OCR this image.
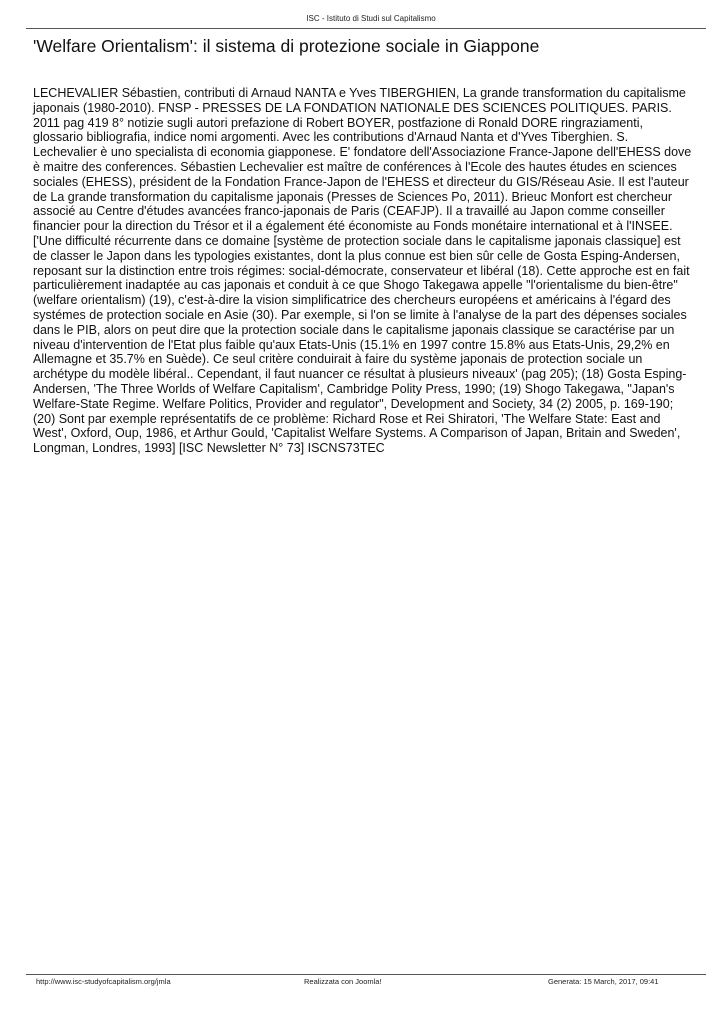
ISC - Istituto di Studi sul Capitalismo
'Welfare Orientalism': il sistema di protezione sociale in Giappone

LECHEVALIER Sébastien, contributi di Arnaud NANTA e Yves TIBERGHIEN, La grande transformation du capitalisme japonais (1980-2010). FNSP - PRESSES DE LA FONDATION NATIONALE DES SCIENCES POLITIQUES. PARIS. 2011 pag 419 8° notizie sugli autori prefazione di Robert BOYER, postfazione di Ronald DORE ringraziamenti, glossario bibliografia, indice nomi argomenti. Avec les contributions d'Arnaud Nanta et d'Yves Tiberghien. S. Lechevalier è uno specialista di economia giapponese. E' fondatore dell'Associazione France-Japone dell'EHESS dove è maitre des conferences. Sébastien Lechevalier est maître de conférences à l'Ecole des hautes études en sciences sociales (EHESS), président de la Fondation France-Japon de l'EHESS et directeur du GIS/Réseau Asie. Il est l'auteur de La grande transformation du capitalisme japonais (Presses de Sciences Po, 2011). Brieuc Monfort est chercheur associé au Centre d'études avancées franco-japonais de Paris (CEAFJP). Il a travaillé au Japon comme conseiller financier pour la direction du Trésor et il a également été économiste au Fonds monétaire international et à l'INSEE. ['Une difficulté récurrente dans ce domaine [système de protection sociale dans le capitalisme japonais classique] est de classer le Japon dans les typologies existantes, dont la plus connue est bien sûr celle de Gosta Esping-Andersen, reposant sur la distinction entre trois régimes: social-démocrate, conservateur et libéral (18). Cette approche est en fait particulièrement inadaptée au cas japonais et conduit à ce que Shogo Takegawa appelle "l'orientalisme du bien-être" (welfare orientalism) (19), c'est-à-dire la vision simplificatrice des chercheurs européens et américains à l'égard des systémes de protection sociale en Asie (30). Par exemple, si l'on se limite à l'analyse de la part des dépenses sociales dans le PIB, alors on peut dire que la protection sociale dans le capitalisme japonais classique se caractérise par un niveau d'intervention de l'Etat plus faible qu'aux Etats-Unis (15.1% en 1997 contre 15.8% aus Etats-Unis, 29,2% en Allemagne et 35.7% en Suède). Ce seul critère conduirait à faire du système japonais de protection sociale un archétype du modèle libéral.. Cependant, il faut nuancer ce résultat à plusieurs niveaux' (pag 205); (18) Gosta Esping-Andersen, 'The Three Worlds of Welfare Capitalism', Cambridge Polity Press, 1990; (19) Shogo Takegawa, "Japan's Welfare-State Regime. Welfare Politics, Provider and regulator", Development and Society, 34 (2) 2005, p. 169-190; (20) Sont par exemple représentatifs de ce problème: Richard Rose et Rei Shiratori, 'The Welfare State: East and West', Oxford, Oup, 1986, et Arthur Gould, 'Capitalist Welfare Systems. A Comparison of Japan, Britain and Sweden', Longman, Londres, 1993] [ISC Newsletter N° 73] ISCNS73TEC

http://www.isc-studyofcapitalism.org/jmla	Realizzata con Joomla!	Generata: 15 March, 2017, 09:41
